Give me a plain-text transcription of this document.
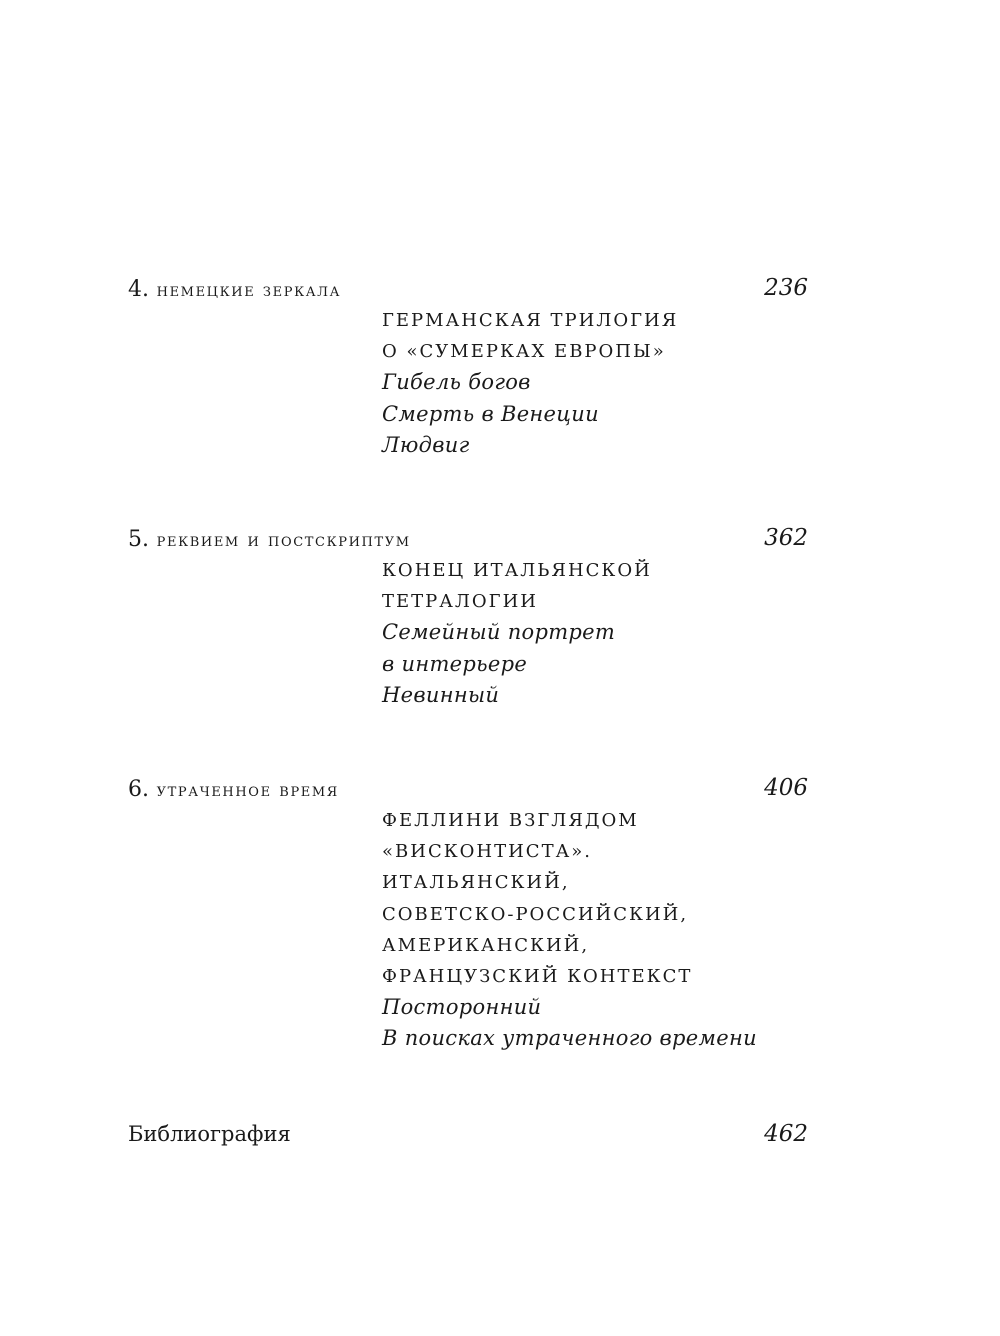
4. немецкие зеркала	236
ГЕРМАНСКАЯ ТРИЛОГИЯ
О «СУМЕРКАХ ЕВРОПЫ»
Гибель богов
Смерть в Венеции
Людвиг
5. реквием и постскриптум	362
КОНЕЦ ИТАЛЬЯНСКОЙ
ТЕТРАЛОГИИ
Семейный портрет
в интерьере
Невинный
6. утраченное время	406
ФЕЛЛИНИ ВЗГЛЯДОМ
«ВИСКОНТИСТА».
ИТАЛЬЯНСКИЙ,
СОВЕТСКО-РОССИЙСКИЙ,
АМЕРИКАНСКИЙ,
ФРАНЦУЗСКИЙ КОНТЕКСТ
Посторонний
В поисках утраченного времени
Библиография	462
